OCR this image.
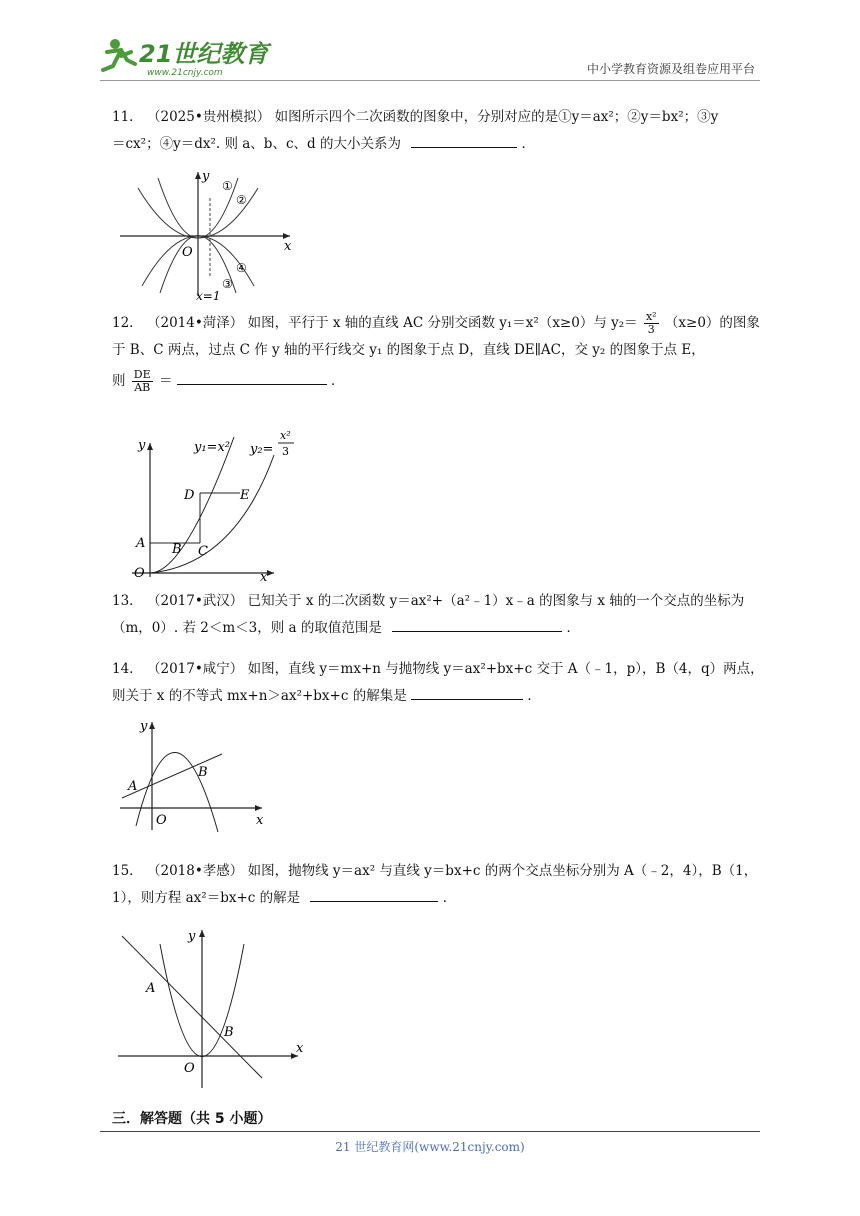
21世纪教育
www.21cnjy.com	中小学教育资源及组卷应用平台
11． （2025•贵州模拟） 如图所示四个二次函数的图象中，分别对应的是①y＝ax²；②y＝bx²；③y
＝cx²；④y＝dx². 则 a、b、c、d 的大小关系为	．
y
x
O
①
②
③
④
x=1
12． （2014•菏泽） 如图，平行于 x 轴的直线 AC 分别交函数 y₁＝x²（x≥0）与 $y_2= \frac{\text{x²}}{3} (x\ge 0)$的图象
于 B、C 两点，过点 C 作 y 轴的平行线交 y₁ 的图象于点 D，直线 DE∥AC，交 y₂ 的图象于点 E，
则 $\frac{DE}{AB}$ ＝	．
y
x
O
A B C
D	E
y₁=x² y₂=
x²
3
13． （2017•武汉） 已知关于 x 的二次函数 y＝ax²+（a²﹣1）x﹣a 的图象与 x 轴的一个交点的坐标为
（m，0）. 若 2＜m＜3，则 a 的取值范围是	．
14． （2017•咸宁） 如图，直线 y＝mx+n 与抛物线 y＝ax²+bx+c 交于 A（﹣1，p），B（4，q）两点，
则关于 x 的不等式 mx+n＞ax²+bx+c 的解集是	．
y
x
O
A
B
15． （2018•孝感） 如图，抛物线 y＝ax² 与直线 y＝bx+c 的两个交点坐标分别为 A（﹣2，4），B（1，
1），则方程 ax²＝bx+c 的解是	．
y
x
O
A
B
三．解答题（共 5 小题）
21 世纪教育网(www.21cnjy.com)
